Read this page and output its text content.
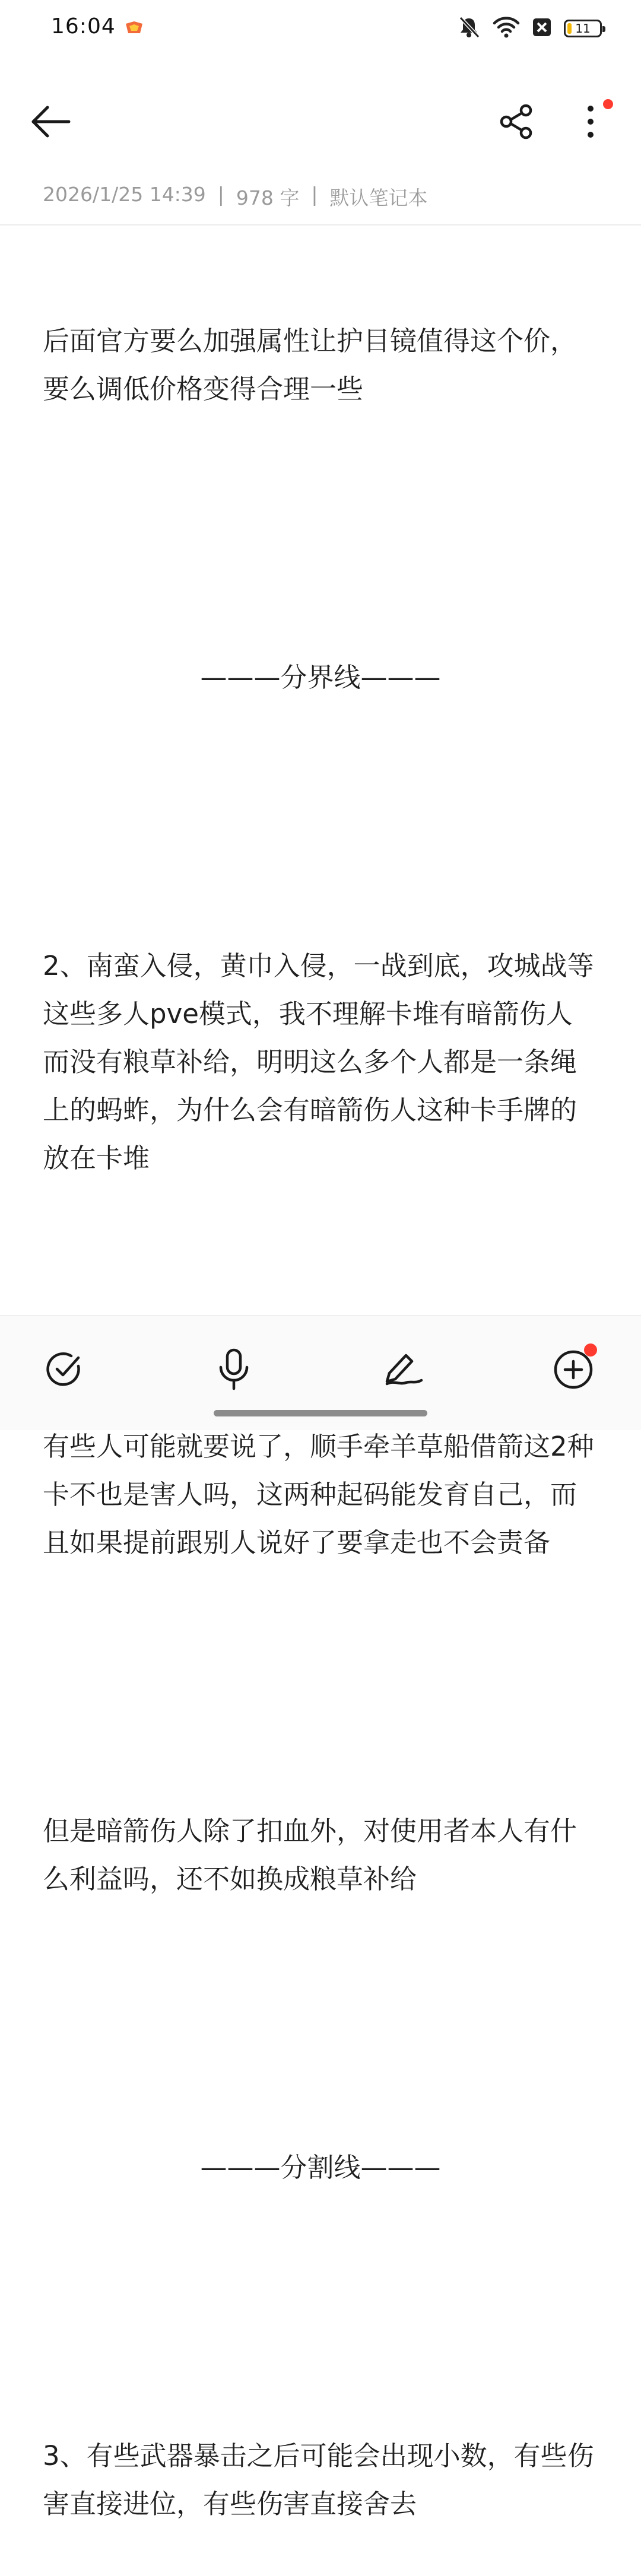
16:04	11
2026/1/25 14:39 | 978 字 | 默认笔记本

后面官方要么加强属性让护目镜值得这个价，要么调低价格变得合理一些

———分界线———

2、南蛮入侵，黄巾入侵，一战到底，攻城战等这些多人pve模式，我不理解卡堆有暗箭伤人而没有粮草补给，明明这么多个人都是一条绳上的蚂蚱，为什么会有暗箭伤人这种卡手牌的放在卡堆

有些人可能就要说了，顺手牵羊草船借箭这2种卡不也是害人吗，这两种起码能发育自己，而且如果提前跟别人说好了要拿走也不会责备

但是暗箭伤人除了扣血外，对使用者本人有什么利益吗，还不如换成粮草补给

———分割线———

3、有些武器暴击之后可能会出现小数，有些伤害直接进位，有些伤害直接舍去
